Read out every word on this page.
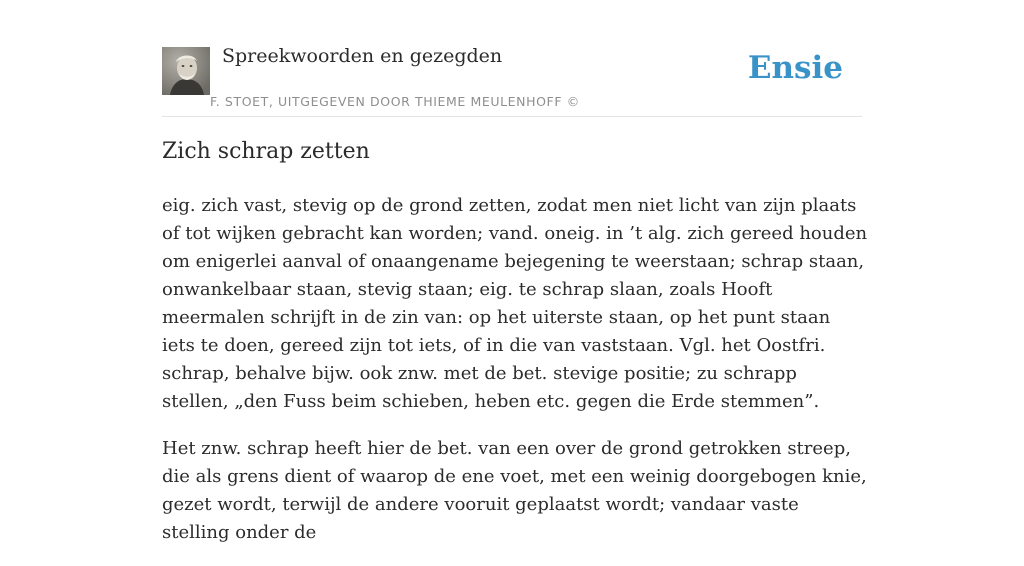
Spreekwoorden en gezegden
F. STOET, UITGEGEVEN DOOR THIEME MEULENHOFF ©
Ensie
Zich schrap zetten

eig. zich vast, stevig op de grond zetten, zodat men niet licht van zijn plaats of tot wijken gebracht kan worden; vand. oneig. in ’t alg. zich gereed houden om enigerlei aanval of onaangename bejegening te weerstaan; schrap staan, onwankelbaar staan, stevig staan; eig. te schrap slaan, zoals Hooft meermalen schrijft in de zin van: op het uiterste staan, op het punt staan iets te doen, gereed zijn tot iets, of in die van vaststaan. Vgl. het Oostfri. schrap, behalve bijw. ook znw. met de bet. stevige positie; zu schrapp stellen, „den Fuss beim schieben, heben etc. gegen die Erde stemmen”.

Het znw. schrap heeft hier de bet. van een over de grond getrokken streep, die als grens dient of waarop de ene voet, met een weinig doorgebogen knie, gezet wordt, terwijl de andere vooruit geplaatst wordt; vandaar vaste stelling onder de
